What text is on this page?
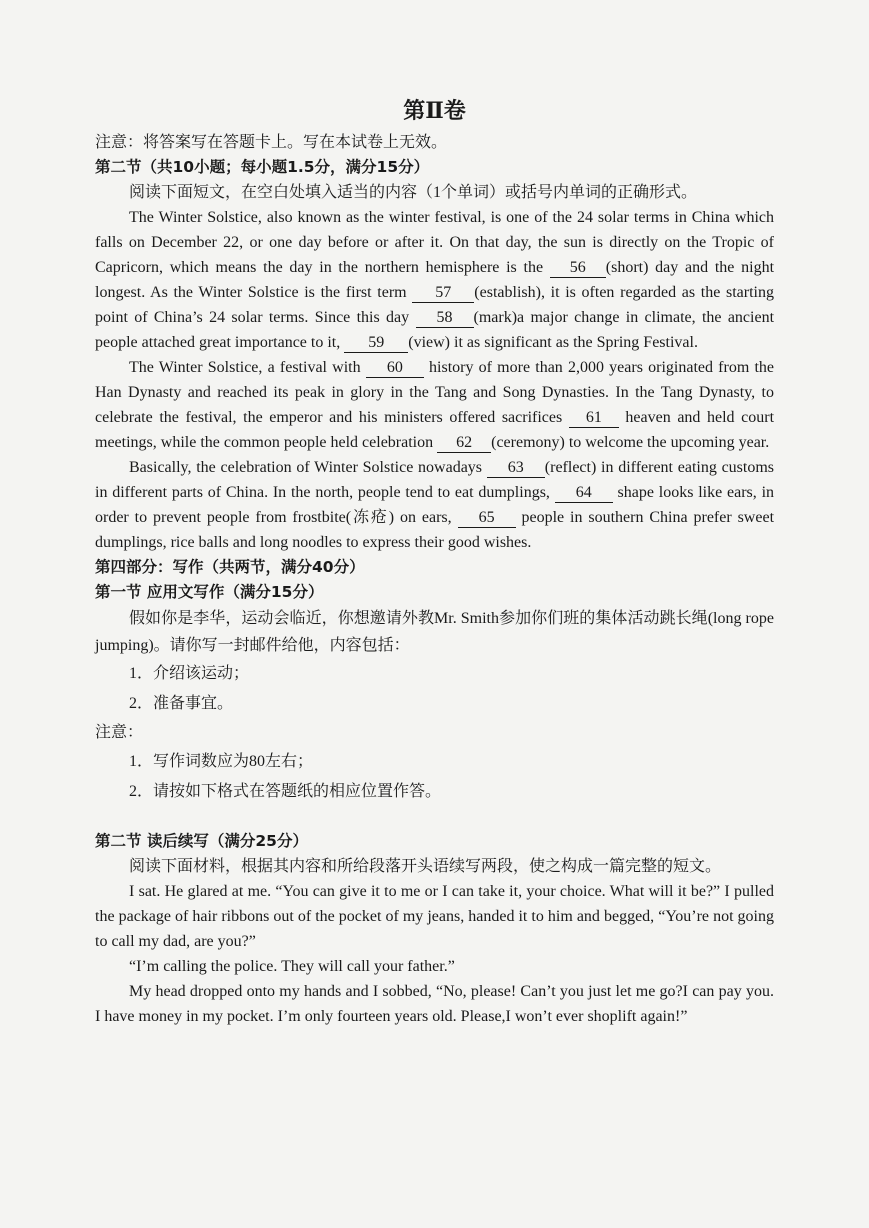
第Ⅱ卷
注意：将答案写在答题卡上。写在本试卷上无效。
第二节（共10小题；每小题1.5分，满分15分）
阅读下面短文，在空白处填入适当的内容（1个单词）或括号内单词的正确形式。
The Winter Solstice, also known as the winter festival, is one of the 24 solar terms in China which falls on December 22, or one day before or after it. On that day, the sun is directly on the Tropic of Capricorn, which means the day in the northern hemisphere is the 56 (short) day and the night longest. As the Winter Solstice is the first term 57 (establish), it is often regarded as the starting point of China’s 24 solar terms. Since this day 58 (mark)a major change in climate, the ancient people attached great importance to it, 59 (view) it as significant as the Spring Festival.
The Winter Solstice, a festival with 60 history of more than 2,000 years originated from the Han Dynasty and reached its peak in glory in the Tang and Song Dynasties. In the Tang Dynasty, to celebrate the festival, the emperor and his ministers offered sacrifices 61 heaven and held court meetings, while the common people held celebration 62 (ceremony) to welcome the upcoming year.
Basically, the celebration of Winter Solstice nowadays 63 (reflect) in different eating customs in different parts of China. In the north, people tend to eat dumplings, 64 shape looks like ears, in order to prevent people from frostbite(冻疮) on ears, 65 people in southern China prefer sweet dumplings, rice balls and long noodles to express their good wishes.
第四部分：写作（共两节，满分40分）
第一节 应用文写作（满分15分）
假如你是李华，运动会临近，你想邀请外教Mr. Smith参加你们班的集体活动跳长绳(long rope jumping)。请你写一封邮件给他，内容包括：
1．介绍该运动；
2．准备事宜。
注意：
1．写作词数应为80左右；
2．请按如下格式在答题纸的相应位置作答。
第二节 读后续写（满分25分）
阅读下面材料，根据其内容和所给段落开头语续写两段，使之构成一篇完整的短文。
I sat. He glared at me. “You can give it to me or I can take it, your choice. What will it be?” I pulled the package of hair ribbons out of the pocket of my jeans, handed it to him and begged, “You’re not going to call my dad, are you?”
“I’m calling the police. They will call your father.”
My head dropped onto my hands and I sobbed, “No, please! Can’t you just let me go?I can pay you. I have money in my pocket. I’m only fourteen years old. Please,I won’t ever shoplift again!”
